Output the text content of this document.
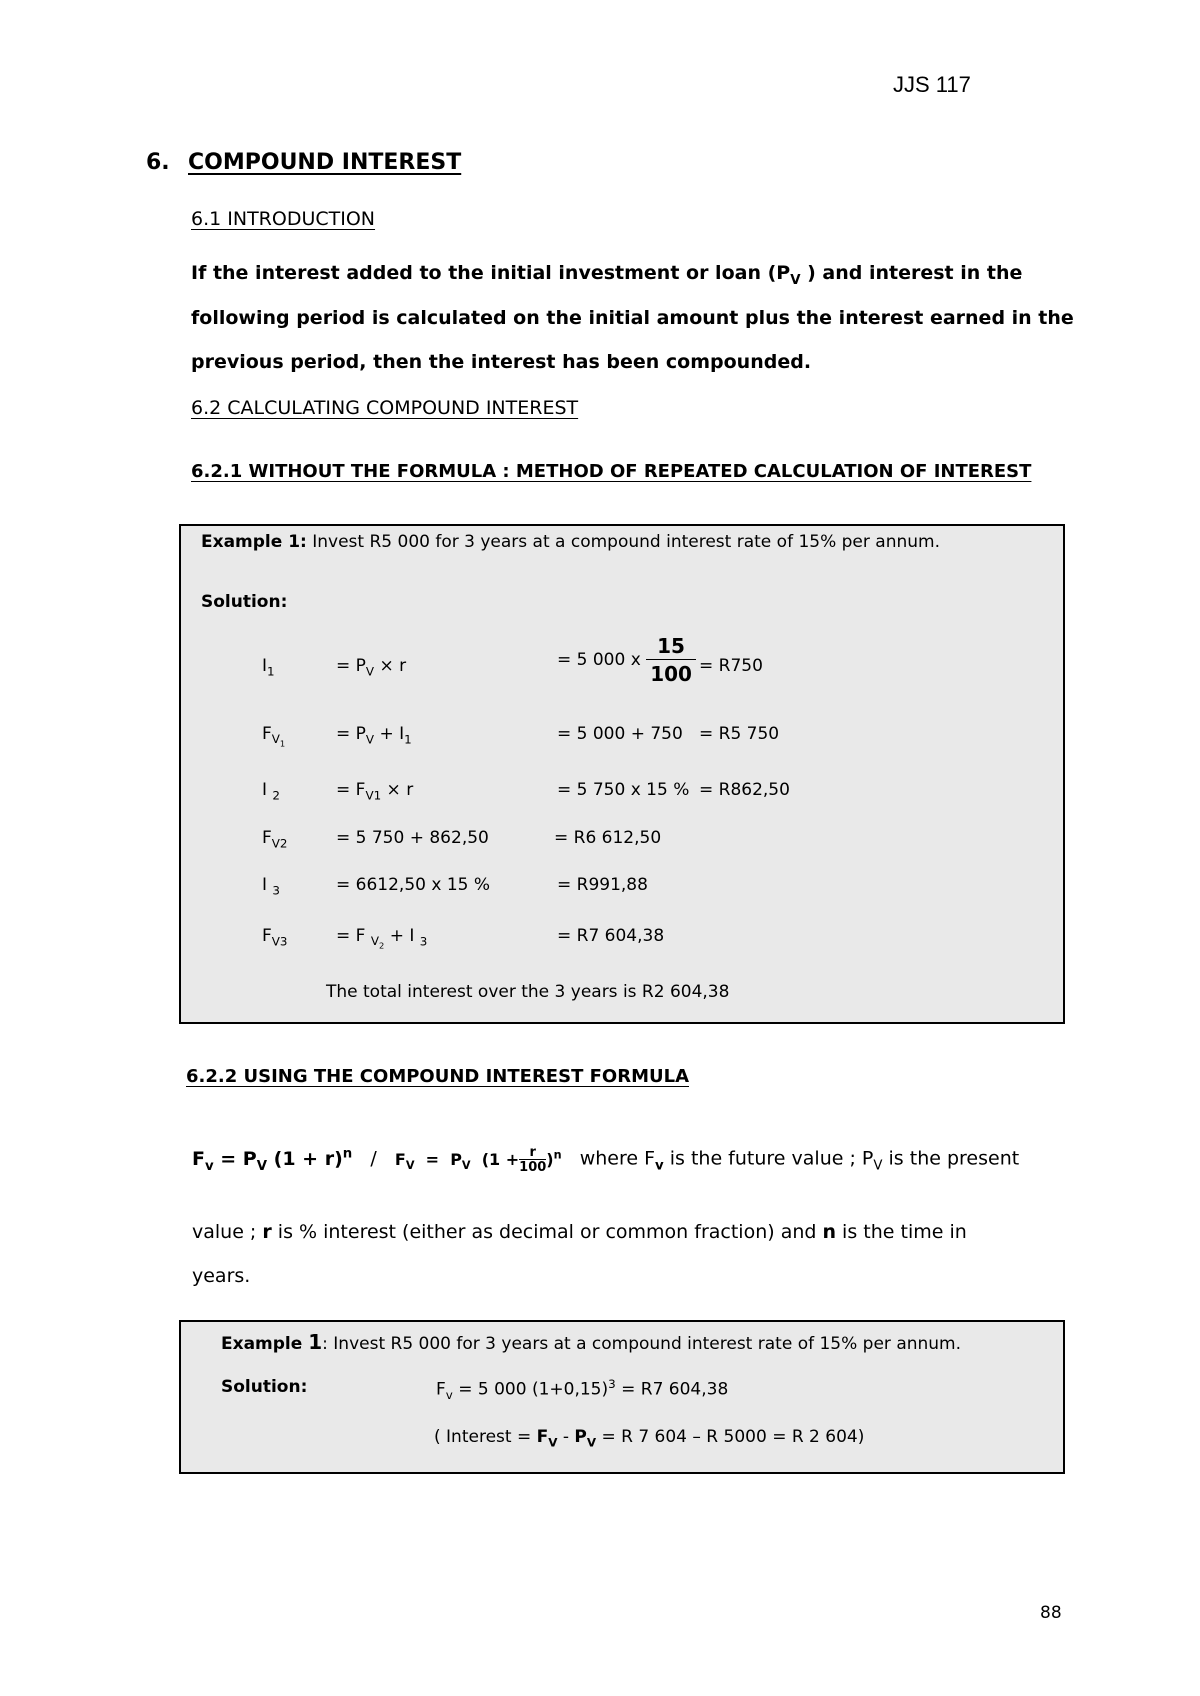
JJS 117
6. COMPOUND INTEREST
6.1 INTRODUCTION
If the interest added to the initial investment or loan ($P_V$ ) and interest in the
following period is calculated on the initial amount plus the interest earned in the
previous period, then the interest has been compounded.
6.2 CALCULATING COMPOUND INTEREST
6.2.1 WITHOUT THE FORMULA : METHOD OF REPEATED CALCULATION OF INTEREST
Example 1: Invest R5 000 for 3 years at a compound interest rate of 15% per annum.
Solution:
$I_1$	= $P_V \times r$	= 5 000 x $\frac{15}{100} = R750$
$F_{V_1}$	= $P_V + I_1$	= 5 000 + 750 = R5 750
I $_2$	= $F_{V1} \times r$	= 5 750 x 15 % = R862,50
$F_{V2}$	= 5 750 + 862,50	= R6 612,50
I $_3$	= 6612,50 x 15 %	= R991,88
$F_{V3}$	= F $_{V_2}$ + I $_3$	= R7 604,38
The total interest over the 3 years is R2 604,38
6.2.2 USING THE COMPOUND INTEREST FORMULA
$F_v = P_V$ $(1 + r)^n / F_V = P_V$ $(1 + \frac{r}{100} )^n$ where $F_v$ is the future value ; $P_V$ is the present
value ; r is % interest (either as decimal or common fraction) and n is the time in
years.
Example 1: Invest R5 000 for 3 years at a compound interest rate of 15% per annum.
Solution:	$F_v = 5$ 000 $(1+0,15)^3 = R7$ 604,38
( Interest = $F_V - P_V = R$ 7 604 – R 5000 = R 2 604)
88
